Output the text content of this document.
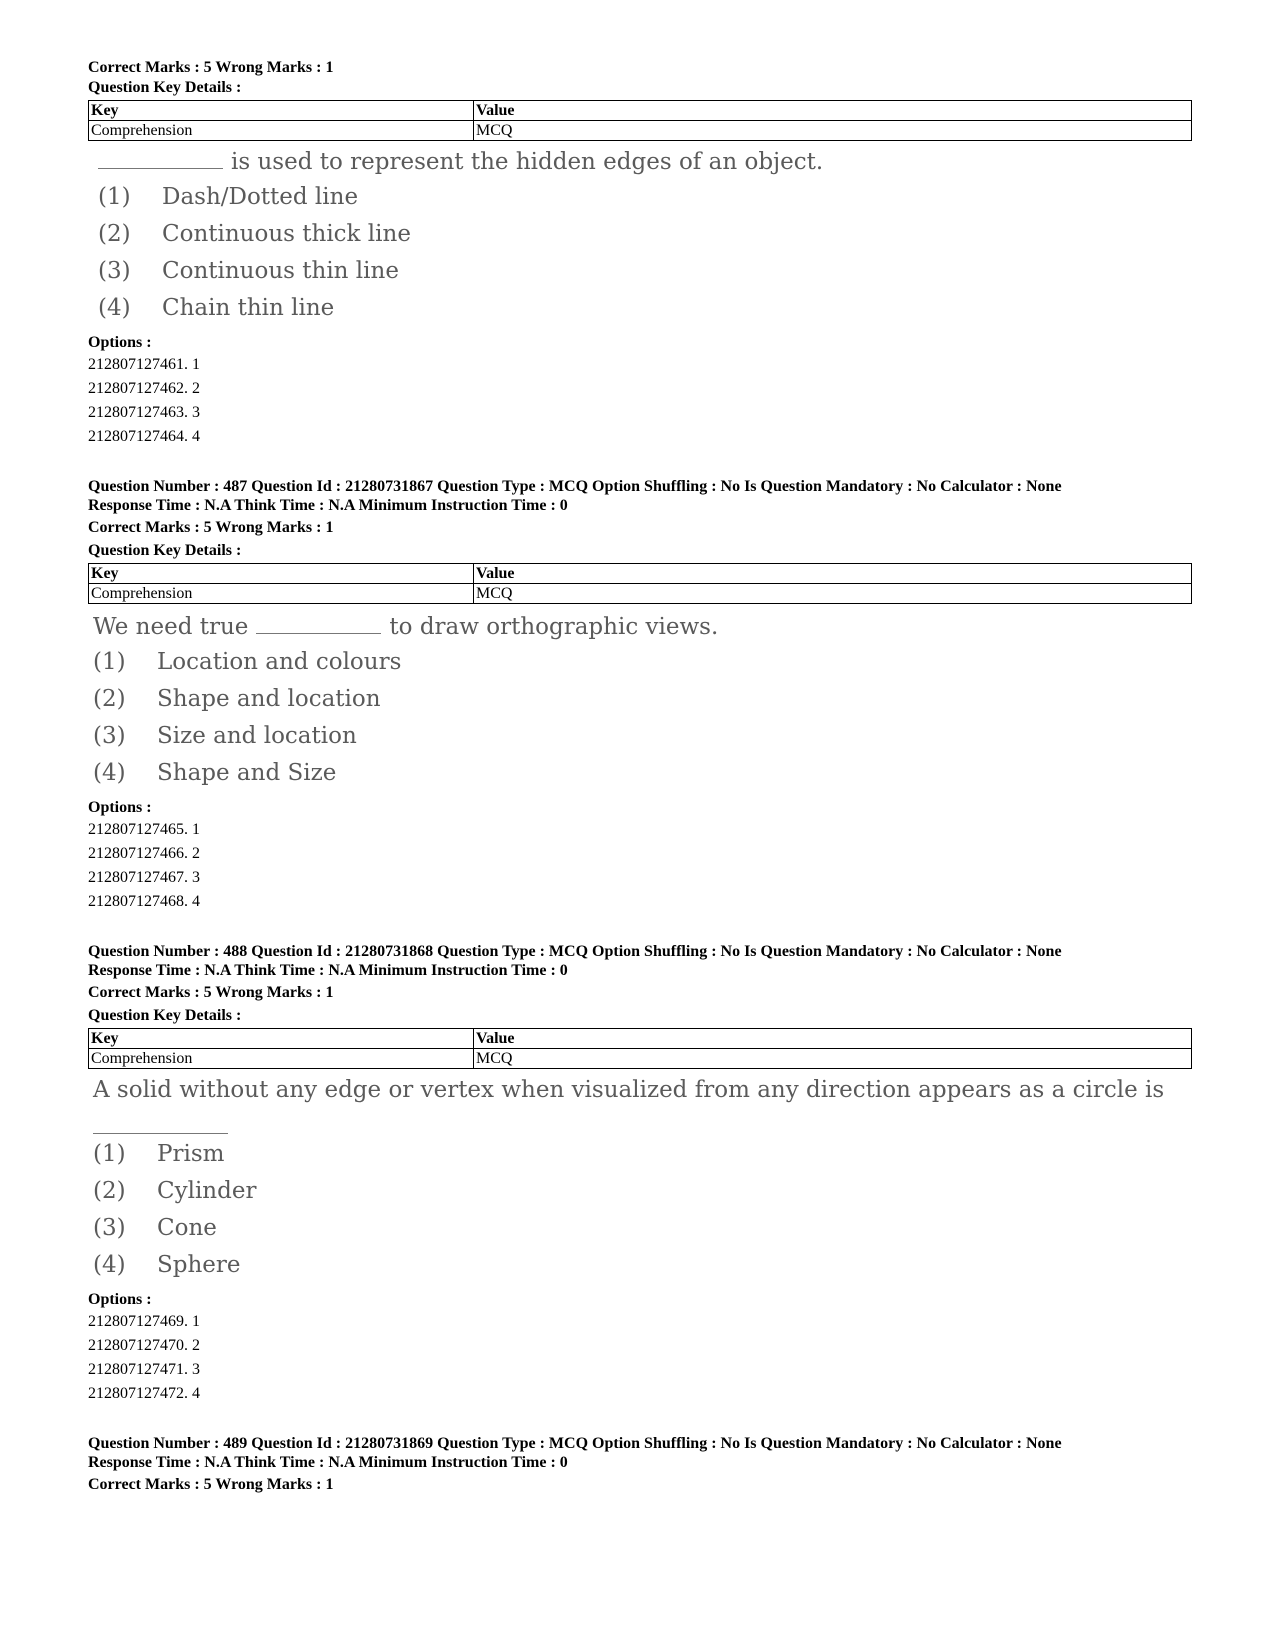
Correct Marks : 5 Wrong Marks : 1
Question Key Details :
Key	Value
Comprehension	MCQ
is used to represent the hidden edges of an object.
(1)	Dash/Dotted line
(2)	Continuous thick line
(3)	Continuous thin line
(4)	Chain thin line
Options :
212807127461. 1
212807127462. 2
212807127463. 3
212807127464. 4
Question Number : 487 Question Id : 21280731867 Question Type : MCQ Option Shuffling : No Is Question Mandatory : No Calculator : None
Response Time : N.A Think Time : N.A Minimum Instruction Time : 0
Correct Marks : 5 Wrong Marks : 1
Question Key Details :
Key	Value
Comprehension	MCQ
We need true	to draw orthographic views.
(1)	Location and colours
(2)	Shape and location
(3)	Size and location
(4)	Shape and Size
Options :
212807127465. 1
212807127466. 2
212807127467. 3
212807127468. 4
Question Number : 488 Question Id : 21280731868 Question Type : MCQ Option Shuffling : No Is Question Mandatory : No Calculator : None
Response Time : N.A Think Time : N.A Minimum Instruction Time : 0
Correct Marks : 5 Wrong Marks : 1
Question Key Details :
Key	Value
Comprehension	MCQ
A solid without any edge or vertex when visualized from any direction appears as a circle is
(1)	Prism
(2)	Cylinder
(3)	Cone
(4)	Sphere
Options :
212807127469. 1
212807127470. 2
212807127471. 3
212807127472. 4
Question Number : 489 Question Id : 21280731869 Question Type : MCQ Option Shuffling : No Is Question Mandatory : No Calculator : None
Response Time : N.A Think Time : N.A Minimum Instruction Time : 0
Correct Marks : 5 Wrong Marks : 1
